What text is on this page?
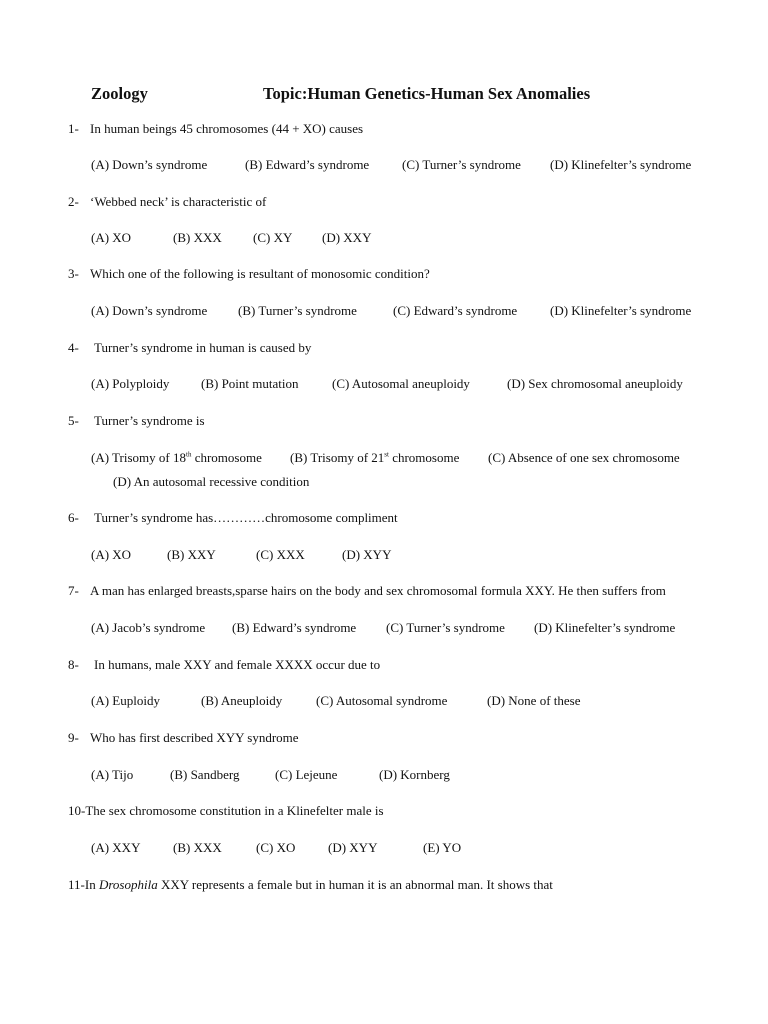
Zoology	Topic:Human Genetics-Human Sex Anomalies
1- In human beings 45 chromosomes (44 + XO) causes
(A) Down’s syndrome	(B) Edward’s syndrome	(C) Turner’s syndrome (D) Klinefelter’s syndrome
2- ‘Webbed neck’ is characteristic of
(A) XO	(B) XXX (C) XY (D) XXY
3- Which one of the following is resultant of monosomic condition?
(A) Down’s syndrome (B) Turner’s syndrome	(C) Edward’s syndrome	(D) Klinefelter’s syndrome
4- Turner’s syndrome in human is caused by
(A) Polyploidy (B) Point mutation	(C) Autosomal aneuploidy	(D) Sex chromosomal aneuploidy
5- Turner’s syndrome is
(A) Trisomy of 18th chromosome (B) Trisomy of 21st chromosome (C) Absence of one sex chromosome
(D) An autosomal recessive condition
6- Turner’s syndrome has…………chromosome compliment
(A) XO	(B) XXY	(C) XXX	(D) XYY
7- A man has enlarged breasts,sparse hairs on the body and sex chromosomal formula XXY. He then suffers from
(A) Jacob’s syndrome (B) Edward’s syndrome (C) Turner’s syndrome (D) Klinefelter’s syndrome
8- In humans, male XXY and female XXXX occur due to
(A) Euploidy	(B) Aneuploidy	(C) Autosomal syndrome	(D) None of these
9- Who has first described XYY syndrome
(A) Tijo	(B) Sandberg	(C) Lejeune	(D) Kornberg
10-The sex chromosome constitution in a Klinefelter male is
(A) XXY	(B) XXX	(C) XO	(D) XYY	(E) YO
11-In Drosophila XXY represents a female but in human it is an abnormal man. It shows that
